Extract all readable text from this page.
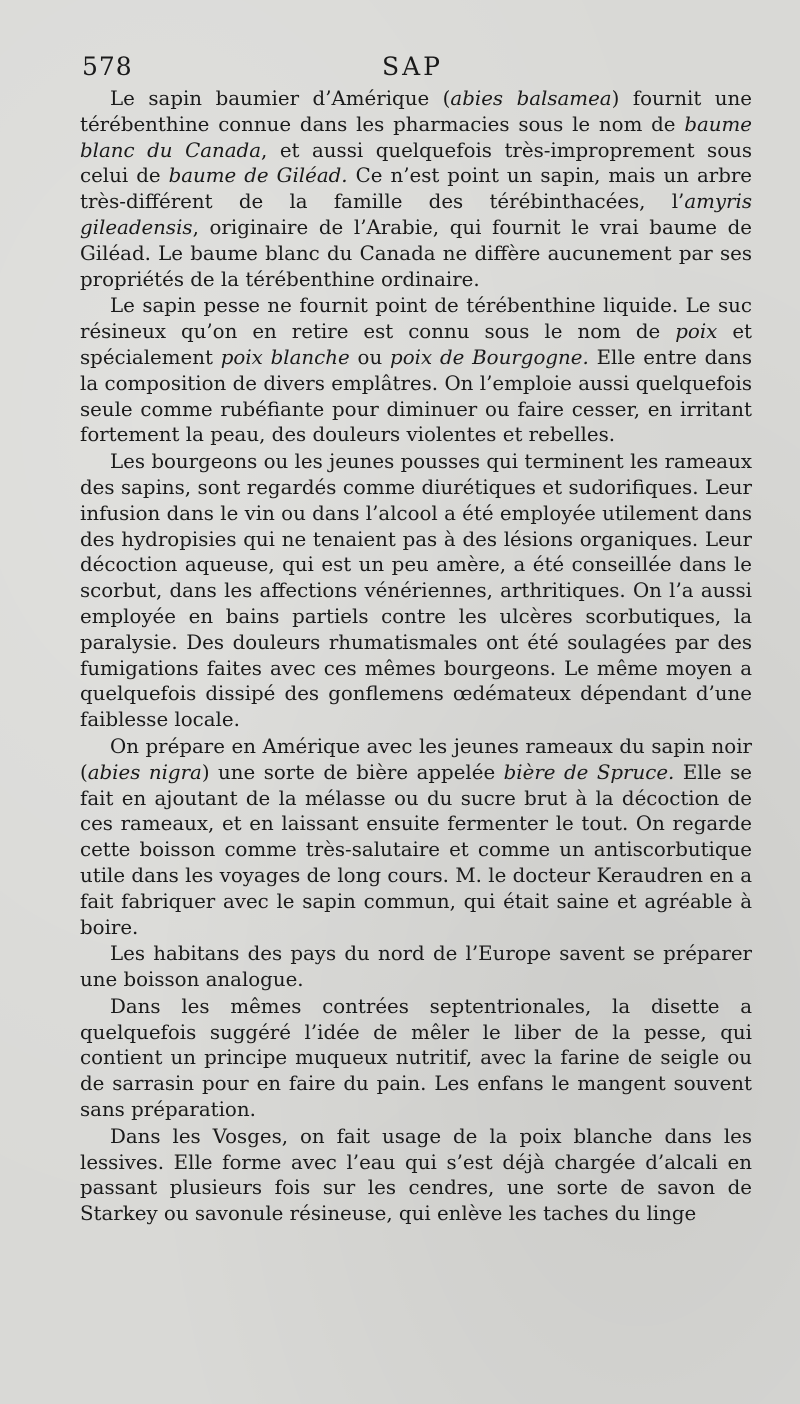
578	SAP

Le sapin baumier d’Amérique (abies balsamea) fournit une térébenthine connue dans les pharmacies sous le nom de baume blanc du Canada, et aussi quelquefois très-improprement sous celui de baume de Giléad. Ce n’est point un sapin, mais un arbre très-différent de la famille des térébinthacées, l’amyris gileadensis, originaire de l’Arabie, qui fournit le vrai baume de Giléad. Le baume blanc du Canada ne diffère aucunement par ses propriétés de la térébenthine ordinaire.

Le sapin pesse ne fournit point de térébenthine liquide. Le suc résineux qu’on en retire est connu sous le nom de poix et spécialement poix blanche ou poix de Bourgogne. Elle entre dans la composition de divers emplâtres. On l’emploie aussi quelquefois seule comme rubéfiante pour diminuer ou faire cesser, en irritant fortement la peau, des douleurs violentes et rebelles.

Les bourgeons ou les jeunes pousses qui terminent les rameaux des sapins, sont regardés comme diurétiques et sudorifiques. Leur infusion dans le vin ou dans l’alcool a été employée utilement dans des hydropisies qui ne tenaient pas à des lésions organiques. Leur décoction aqueuse, qui est un peu amère, a été conseillée dans le scorbut, dans les affections vénériennes, arthritiques. On l’a aussi employée en bains partiels contre les ulcères scorbutiques, la paralysie. Des douleurs rhumatismales ont été soulagées par des fumigations faites avec ces mêmes bourgeons. Le même moyen a quelquefois dissipé des gonflemens œdémateux dépendant d’une faiblesse locale.

On prépare en Amérique avec les jeunes rameaux du sapin noir (abies nigra) une sorte de bière appelée bière de Spruce. Elle se fait en ajoutant de la mélasse ou du sucre brut à la décoction de ces rameaux, et en laissant ensuite fermenter le tout. On regarde cette boisson comme très-salutaire et comme un antiscorbutique utile dans les voyages de long cours. M. le docteur Keraudren en a fait fabriquer avec le sapin commun, qui était saine et agréable à boire.

Les habitans des pays du nord de l’Europe savent se préparer une boisson analogue.

Dans les mêmes contrées septentrionales, la disette a quelquefois suggéré l’idée de mêler le liber de la pesse, qui contient un principe muqueux nutritif, avec la farine de seigle ou de sarrasin pour en faire du pain. Les enfans le mangent souvent sans préparation.

Dans les Vosges, on fait usage de la poix blanche dans les lessives. Elle forme avec l’eau qui s’est déjà chargée d’alcali en passant plusieurs fois sur les cendres, une sorte de savon de Starkey ou savonule résineuse, qui enlève les taches du linge
